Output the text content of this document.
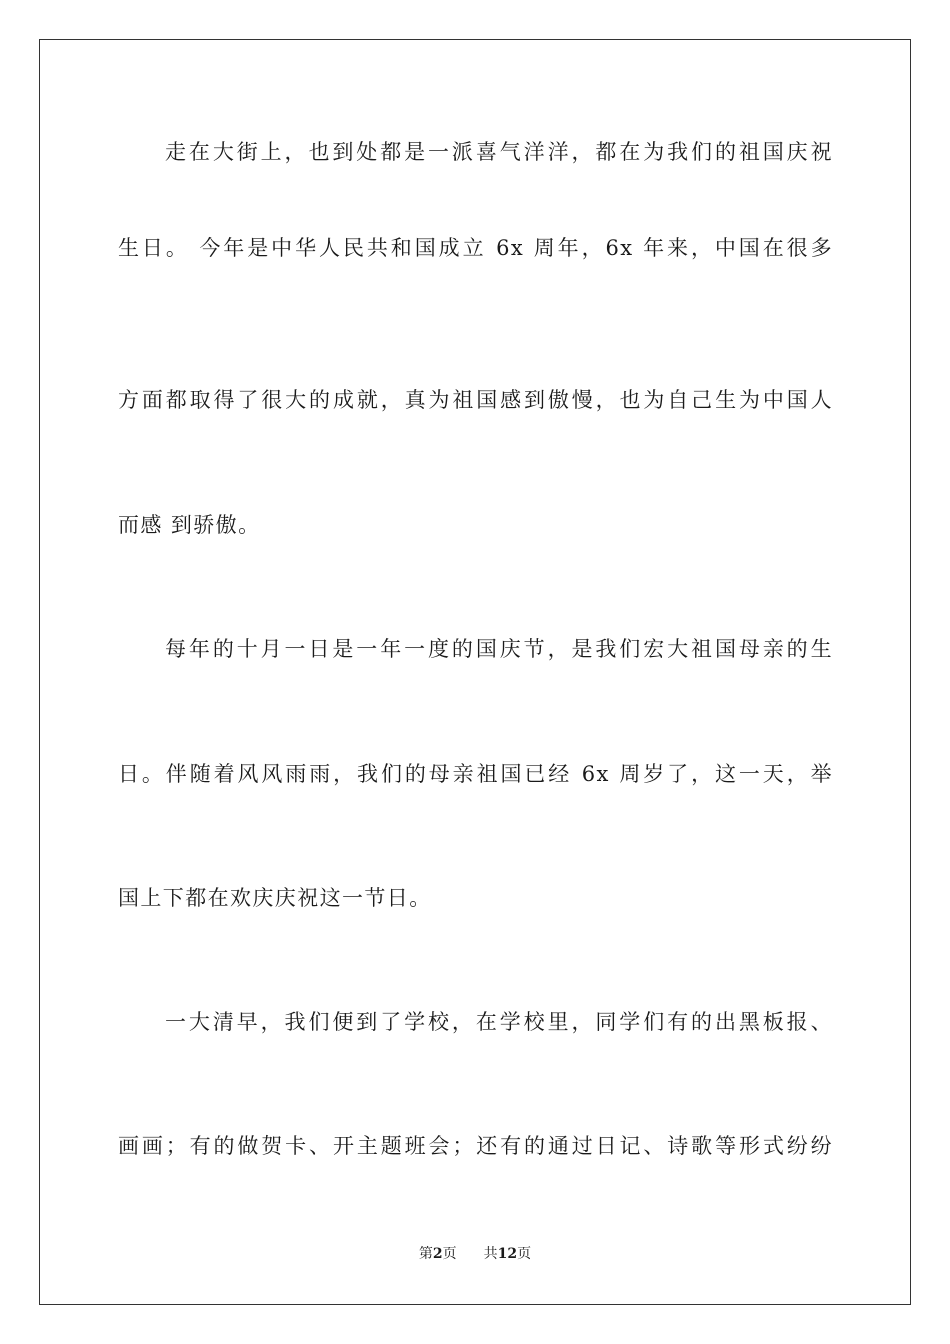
走在大街上，也到处都是一派喜气洋洋，都在为我们的祖国庆祝
生日。 今年是中华人民共和国成立 6x 周年，6x 年来，中国在很多
方面都取得了很大的成就，真为祖国感到傲慢，也为自己生为中国人
而感 到骄傲。
每年的十月一日是一年一度的国庆节，是我们宏大祖国母亲的生
日。伴随着风风雨雨，我们的母亲祖国已经 6x 周岁了，这一天，举
国上下都在欢庆庆祝这一节日。
一大清早，我们便到了学校，在学校里，同学们有的出黑板报、
画画；有的做贺卡、开主题班会；还有的通过日记、诗歌等形式纷纷
第2页 共12页
